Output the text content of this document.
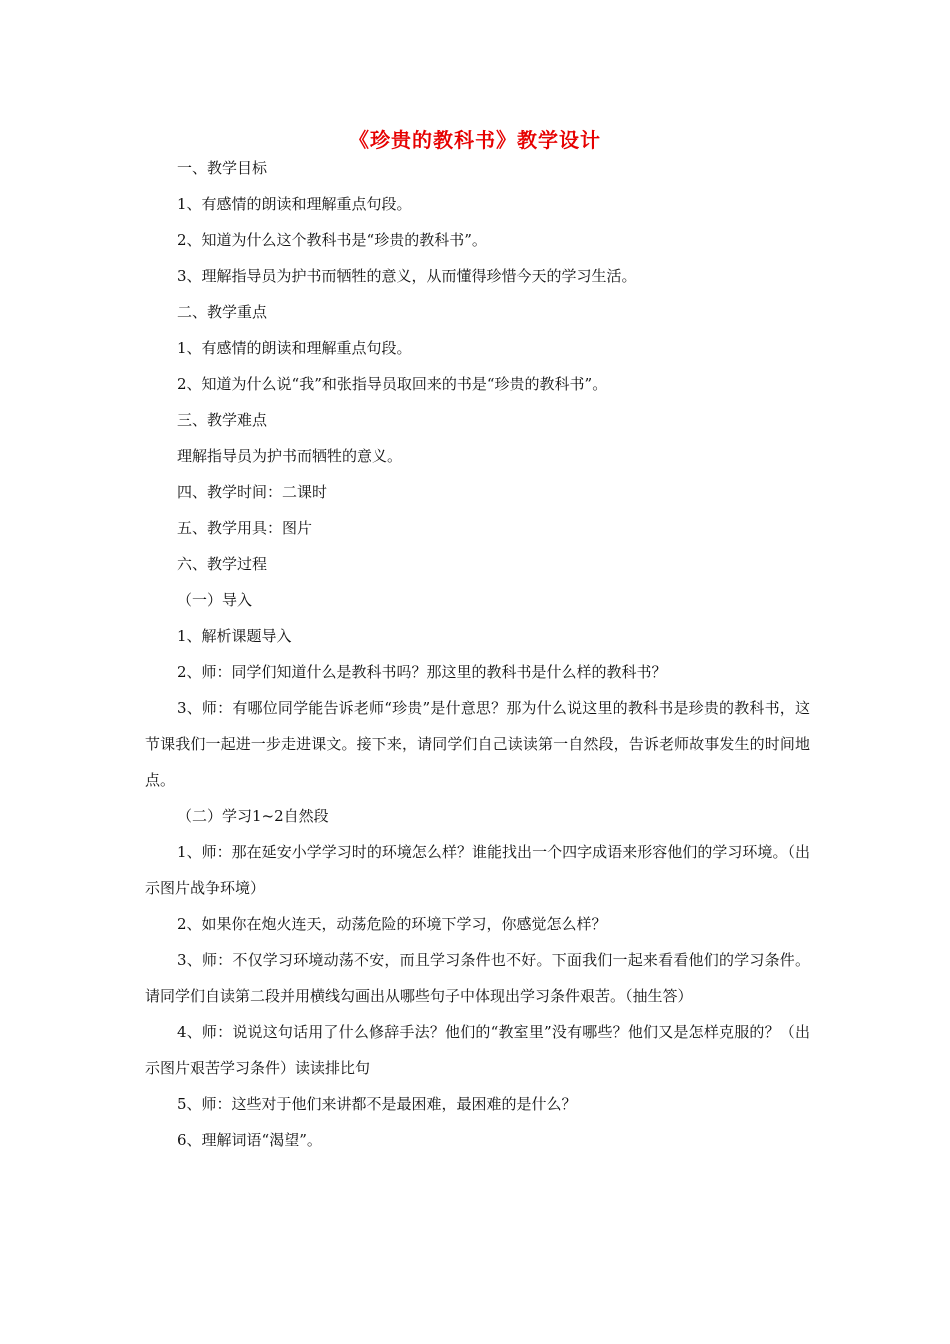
《珍贵的教科书》教学设计
一、教学目标
1、有感情的朗读和理解重点句段。
2、知道为什么这个教科书是“珍贵的教科书”。
3、理解指导员为护书而牺牲的意义，从而懂得珍惜今天的学习生活。
二、教学重点
1、有感情的朗读和理解重点句段。
2、知道为什么说“我”和张指导员取回来的书是“珍贵的教科书”。
三、教学难点
理解指导员为护书而牺牲的意义。
四、教学时间：二课时
五、教学用具：图片
六、教学过程
（一）导入
1、解析课题导入
2、师：同学们知道什么是教科书吗？那这里的教科书是什么样的教科书？

3、师：有哪位同学能告诉老师“珍贵”是什意思？那为什么说这里的教科书是珍贵的教科书，这节课我们一起进一步走进课文。接下来，请同学们自己读读第一自然段，告诉老师故事发生的时间地点。

（二）学习1~2自然段

1、师：那在延安小学学习时的环境怎么样？谁能找出一个四字成语来形容他们的学习环境。（出示图片战争环境）

2、如果你在炮火连天，动荡危险的环境下学习，你感觉怎么样？

3、师：不仅学习环境动荡不安，而且学习条件也不好。下面我们一起来看看他们的学习条件。请同学们自读第二段并用横线勾画出从哪些句子中体现出学习条件艰苦。（抽生答）

4、师：说说这句话用了什么修辞手法？他们的“教室里”没有哪些？他们又是怎样克服的？（出示图片艰苦学习条件）读读排比句

5、师：这些对于他们来讲都不是最困难，最困难的是什么？
6、理解词语“渴望”。
